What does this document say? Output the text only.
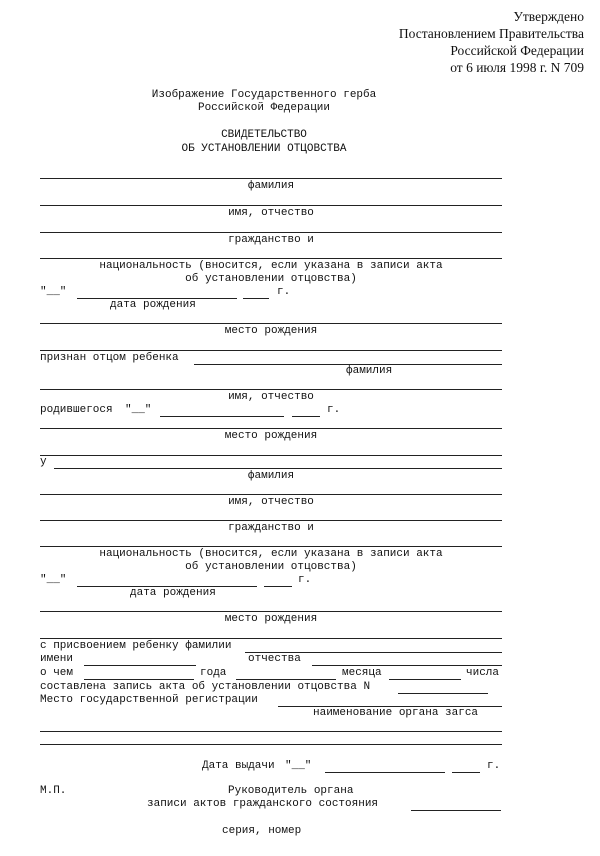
Утверждено
Постановлением Правительства
Российской Федерации
от 6 июля 1998 г. N 709
Изображение Государственного герба
Российской Федерации
СВИДЕТЕЛЬСТВО
ОБ УСТАНОВЛЕНИИ ОТЦОВСТВА
фамилия
имя, отчество
гражданство и
национальность (вносится, если указана в записи акта
об установлении отцовства)
"__"	г.
дата рождения
место рождения
признан отцом ребенка
фамилия
имя, отчество
родившегося "__"	г.
место рождения
у
фамилия
имя, отчество
гражданство и
национальность (вносится, если указана в записи акта
об установлении отцовства)
"__"	г.
дата рождения
место рождения
с присвоением ребенку фамилии
имени	отчества
о чем	года	месяца	числа
составлена запись акта об установлении отцовства N
Место государственной регистрации
наименование органа загса
Дата выдачи "__"	г.
М.П.	Руководитель органа
записи актов гражданского состояния
серия, номер
